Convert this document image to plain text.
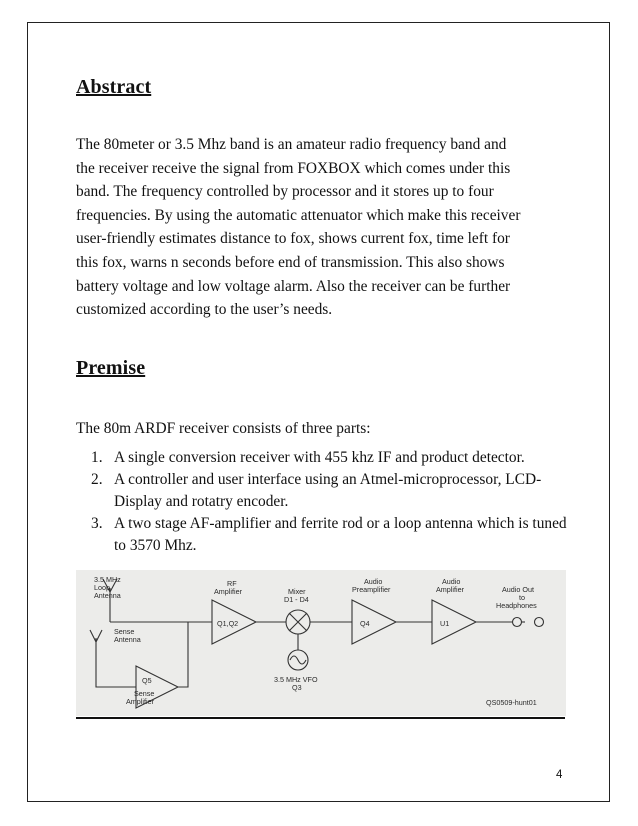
Abstract

The 80meter or 3.5 Mhz band is an amateur radio frequency band and
the receiver receive the signal from FOXBOX which comes under this
band. The frequency controlled by processor and it stores up to four
frequencies. By using the automatic attenuator which make this receiver
user-friendly estimates distance to fox, shows current fox, time left for
this fox, warns n seconds before end of transmission. This also shows
battery voltage and low voltage alarm. Also the receiver can be further
customized according to the user’s needs.

Premise

The 80m ARDF receiver consists of three parts:

1. A single conversion receiver with 455 khz IF and product detector.
2. A controller and user interface using an Atmel-microprocessor, LCD-Display and rotatry encoder.
3. A two stage AF-amplifier and ferrite rod or a loop antenna which is tuned to 3570 Mhz.
3.5 MHz
Loop
Antenna
Sense
Antenna
RF
Amplifier
Q1,Q2
Mixer
D1 - D4
Audio
Preamplifier
Q4
Audio
Amplifier
U1
Audio Out
to
Headphones
Q5
Sense
Amplifier
3.5 MHz VFO
Q3
QS0509-hunt01
4
